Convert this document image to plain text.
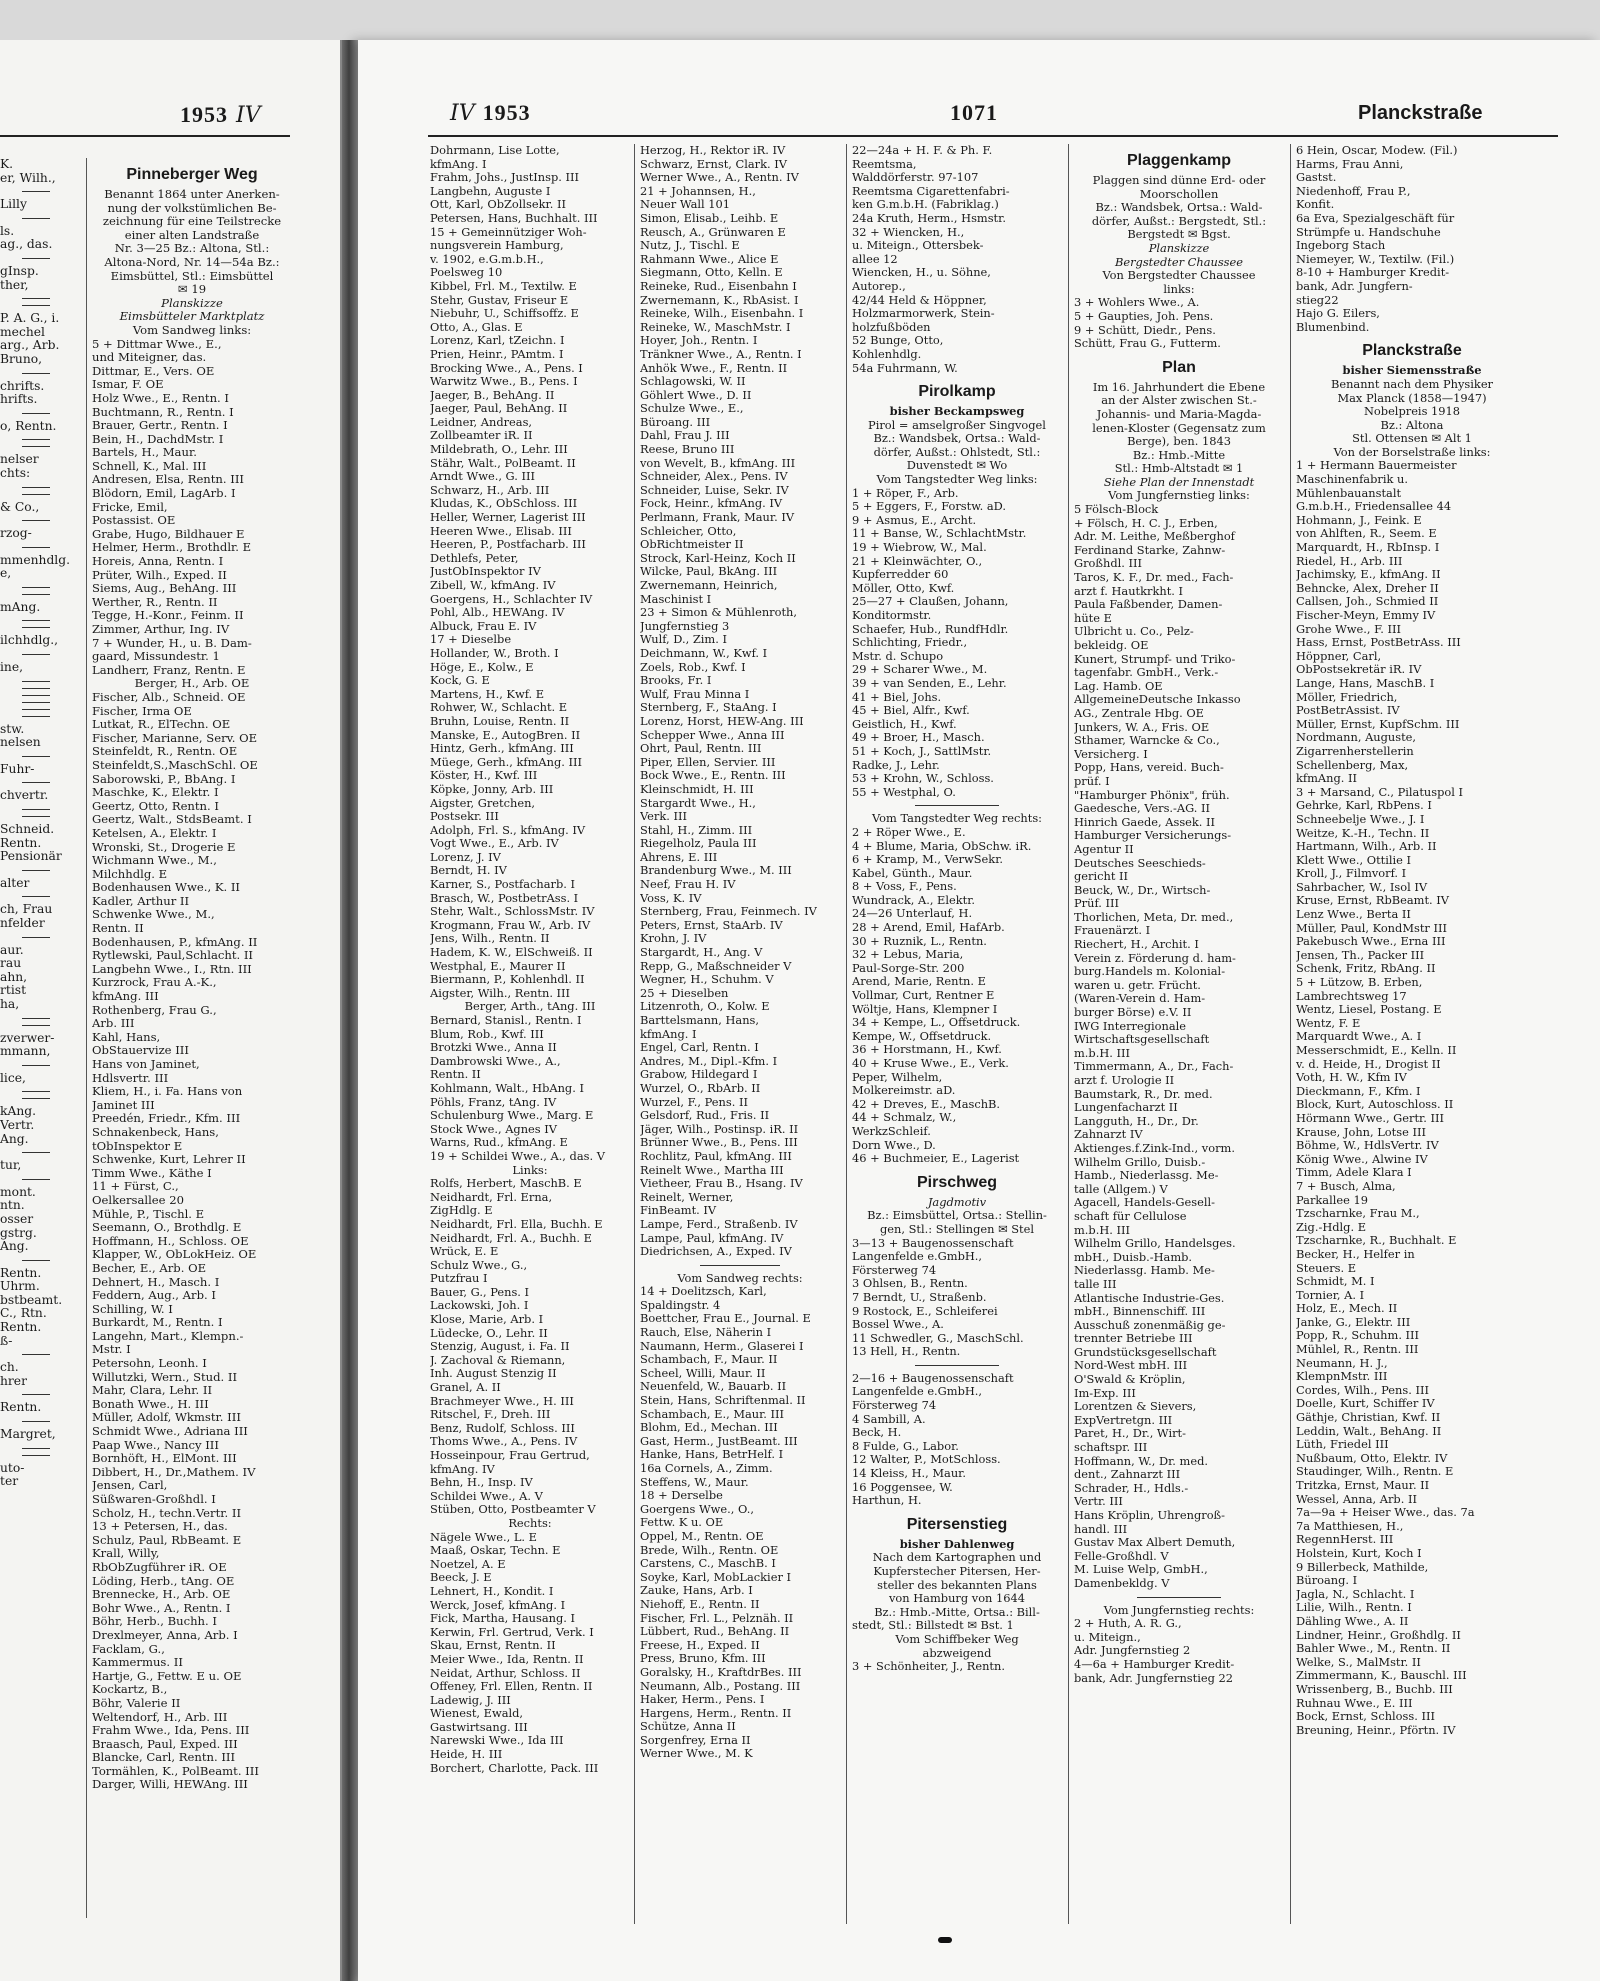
1953 IV
K.
er, Wilh.,
Lilly
ls.
ag., das.
gInsp.
ther,
P. A. G., i.
mechel
arg., Arb.
Bruno,
chrifts.
hrifts.
o, Rentn.
nelser
chts:
& Co.,
rzog-
mmenhdlg.
e,
mAng.
ilchhdlg.,
ine,
stw.
nelsen
Fuhr-
chvertr.
Schneid.
Rentn.
Pensionär
alter
ch, Frau
nfelder
aur.
rau
ahn,
rtist
ha,
zverwer-
mmann,
lice,
kAng.
Vertr.
Ang.
tur,
mont.
ntn.
osser
gstrg.
Ang.
Rentn.
Uhrm.
bstbeamt.
C., Rtn.
Rentn.
ß-
ch.
hrer
Rentn.
Margret,
uto-
ter
Pinneberger Weg
Benannt 1864 unter Anerken-
nung der volkstümlichen Be-
zeichnung für eine Teilstrecke
einer alten Landstraße
Nr. 3—25 Bz.: Altona, Stl.:
Altona-Nord, Nr. 14—54a Bz.:
Eimsbüttel, Stl.: Eimsbüttel
✉ 19
Planskizze
Eimsbütteler Marktplatz
Vom Sandweg links:
5 + Dittmar Wwe., E.,
und Miteigner, das.
Dittmar, E., Vers. OE
Ismar, F. OE
Holz Wwe., E., Rentn. I
Buchtmann, R., Rentn. I
Brauer, Gertr., Rentn. I
Bein, H., DachdMstr. I
Bartels, H., Maur.
Schnell, K., Mal. III
Andresen, Elsa, Rentn. III
Blödorn, Emil, LagArb. I
Fricke, Emil,
Postassist. OE
Grabe, Hugo, Bildhauer E
Helmer, Herm., Brothdlr. E
Horeis, Anna, Rentn. I
Prüter, Wilh., Exped. II
Siems, Aug., BehAng. III
Werther, R., Rentn. II
Tegge, H.-Konr., Feinm. II
Zimmer, Arthur, Ing. IV
7 + Wunder, H., u. B. Dam-
gaard, Missundestr. 1
Landherr, Franz, Rentn. E
Berger, H., Arb. OE
Fischer, Alb., Schneid. OE
Fischer, Irma OE
Lutkat, R., ElTechn. OE
Fischer, Marianne, Serv. OE
Steinfeldt, R., Rentn. OE
Steinfeldt,S.,MaschSchl. OE
Saborowski, P., BbAng. I
Maschke, K., Elektr. I
Geertz, Otto, Rentn. I
Geertz, Walt., StdsBeamt. I
Ketelsen, A., Elektr. I
Wronski, St., Drogerie E
Wichmann Wwe., M.,
Milchhdlg. E
Bodenhausen Wwe., K. II
Kadler, Arthur II
Schwenke Wwe., M.,
Rentn. II
Bodenhausen, P., kfmAng. II
Rytlewski, Paul,Schlacht. II
Langbehn Wwe., I., Rtn. III
Kurzrock, Frau A.-K.,
kfmAng. III
Rothenberg, Frau G.,
Arb. III
Kahl, Hans,
ObStauervize III
Hans von Jaminet,
Hdlsvertr. III
Kliem, H., i. Fa. Hans von
Jaminet III
Preedén, Friedr., Kfm. III
Schnakenbeck, Hans,
tObInspektor E
Schwenke, Kurt, Lehrer II
Timm Wwe., Käthe I
11 + Fürst, C.,
Oelkersallee 20
Mühle, P., Tischl. E
Seemann, O., Brothdlg. E
Hoffmann, H., Schloss. OE
Klapper, W., ObLokHeiz. OE
Becher, E., Arb. OE
Dehnert, H., Masch. I
Feddern, Aug., Arb. I
Schilling, W. I
Burkardt, M., Rentn. I
Langehn, Mart., Klempn.-
Mstr. I
Petersohn, Leonh. I
Willutzki, Wern., Stud. II
Mahr, Clara, Lehr. II
Bonath Wwe., H. III
Müller, Adolf, Wkmstr. III
Schmidt Wwe., Adriana III
Paap Wwe., Nancy III
Bornhöft, H., ElMont. III
Dibbert, H., Dr.,Mathem. IV
Jensen, Carl,
Süßwaren-Großhdl. I
Scholz, H., techn.Vertr. II
13 + Petersen, H., das.
Schulz, Paul, RbBeamt. E
Krall, Willy,
RbObZugführer iR. OE
Löding, Herb., tAng. OE
Brennecke, H., Arb. OE
Bohr Wwe., A., Rentn. I
Böhr, Herb., Buchh. I
Drexlmeyer, Anna, Arb. I
Facklam, G.,
Kammermus. II
Hartje, G., Fettw. E u. OE
Kockartz, B.,
Böhr, Valerie II
Weltendorf, H., Arb. III
Frahm Wwe., Ida, Pens. III
Braasch, Paul, Exped. III
Blancke, Carl, Rentn. III
Tormählen, K., PolBeamt. III
Darger, Willi, HEWAng. III
IV 1953	1071	Planckstraße
Dohrmann, Lise Lotte,
kfmAng. I
Frahm, Johs., JustInsp. III
Langbehn, Auguste I
Ott, Karl, ObZollsekr. II
Petersen, Hans, Buchhalt. III
15 + Gemeinnütziger Woh-
nungsverein Hamburg,
v. 1902, e.G.m.b.H.,
Poelsweg 10
Kibbel, Frl. M., Textilw. E
Stehr, Gustav, Friseur E
Niebuhr, U., Schiffsoffz. E
Otto, A., Glas. E
Lorenz, Karl, tZeichn. I
Prien, Heinr., PAmtm. I
Brocking Wwe., A., Pens. I
Warwitz Wwe., B., Pens. I
Jaeger, B., BehAng. II
Jaeger, Paul, BehAng. II
Leidner, Andreas,
Zollbeamter iR. II
Mildebrath, O., Lehr. III
Stähr, Walt., PolBeamt. II
Arndt Wwe., G. III
Schwarz, H., Arb. III
Kludas, K., ObSchloss. III
Heller, Werner, Lagerist III
Heeren Wwe., Elisab. III
Heeren, P., Postfacharb. III
Dethlefs, Peter,
JustObInspektor IV
Zibell, W., kfmAng. IV
Goergens, H., Schlachter IV
Pohl, Alb., HEWAng. IV
Albuck, Frau E. IV
17 + Dieselbe
Hollander, W., Broth. I
Höge, E., Kolw., E
Kock, G. E
Martens, H., Kwf. E
Rohwer, W., Schlacht. E
Bruhn, Louise, Rentn. II
Manske, E., AutogBren. II
Hintz, Gerh., kfmAng. III
Müege, Gerh., kfmAng. III
Köster, H., Kwf. III
Köpke, Jonny, Arb. III
Aigster, Gretchen,
Postsekr. III
Adolph, Frl. S., kfmAng. IV
Vogt Wwe., E., Arb. IV
Lorenz, J. IV
Berndt, H. IV
Karner, S., Postfacharb. I
Brasch, W., PostbetrAss. I
Stehr, Walt., SchlossMstr. IV
Krogmann, Frau W., Arb. IV
Jens, Wilh., Rentn. II
Hadem, K. W., ElSchweiß. II
Westphal, E., Maurer II
Biermann, P., Kohlenhdl. II
Aigster, Wilh., Rentn. III
Berger, Arth., tAng. III
Bernard, Stanisl., Rentn. I
Blum, Rob., Kwf. III
Brotzki Wwe., Anna II
Dambrowski Wwe., A.,
Rentn. II
Kohlmann, Walt., HbAng. I
Pöhls, Franz, tAng. IV
Schulenburg Wwe., Marg. E
Stock Wwe., Agnes IV
Warns, Rud., kfmAng. E
19 + Schildei Wwe., A., das. V
Links:
Rolfs, Herbert, MaschB. E
Neidhardt, Frl. Erna,
ZigHdlg. E
Neidhardt, Frl. Ella, Buchh. E
Neidhardt, Frl. A., Buchh. E
Wrück, E. E
Schulz Wwe., G.,
Putzfrau I
Bauer, G., Pens. I
Lackowski, Joh. I
Klose, Marie, Arb. I
Lüdecke, O., Lehr. II
Stenzig, August, i. Fa. II
J. Zachoval & Riemann,
Inh. August Stenzig II
Granel, A. II
Brachmeyer Wwe., H. III
Ritschel, F., Dreh. III
Benz, Rudolf, Schloss. III
Thoms Wwe., A., Pens. IV
Hosseinpour, Frau Gertrud,
kfmAng. IV
Behn, H., Insp. IV
Schildei Wwe., A. V
Stüben, Otto, Postbeamter V
Rechts:
Nägele Wwe., L. E
Maaß, Oskar, Techn. E
Noetzel, A. E
Beeck, J. E
Lehnert, H., Kondit. I
Werck, Josef, kfmAng. I
Fick, Martha, Hausang. I
Kerwin, Frl. Gertrud, Verk. I
Skau, Ernst, Rentn. II
Meier Wwe., Ida, Rentn. II
Neidat, Arthur, Schloss. II
Offeney, Frl. Ellen, Rentn. II
Ladewig, J. III
Wienest, Ewald,
Gastwirtsang. III
Narewski Wwe., Ida III
Heide, H. III
Borchert, Charlotte, Pack. III
Herzog, H., Rektor iR. IV
Schwarz, Ernst, Clark. IV
Werner Wwe., A., Rentn. IV
21 + Johannsen, H.,
Neuer Wall 101
Simon, Elisab., Leihb. E
Reusch, A., Grünwaren E
Nutz, J., Tischl. E
Rahmann Wwe., Alice E
Siegmann, Otto, Kelln. E
Reineke, Rud., Eisenbahn I
Zwernemann, K., RbAsist. I
Reineke, Wilh., Eisenbahn. I
Reineke, W., MaschMstr. I
Hoyer, Joh., Rentn. I
Tränkner Wwe., A., Rentn. I
Anhök Wwe., F., Rentn. II
Schlagowski, W. II
Göhlert Wwe., D. II
Schulze Wwe., E.,
Büroang. III
Dahl, Frau J. III
Reese, Bruno III
von Wevelt, B., kfmAng. III
Schneider, Alex., Pens. IV
Schneider, Luise, Sekr. IV
Fock, Heinr., kfmAng. IV
Perlmann, Frank, Maur. IV
Schleicher, Otto,
ObRichtmeister II
Strock, Karl-Heinz, Koch II
Wilcke, Paul, BkAng. III
Zwernemann, Heinrich,
Maschinist I
23 + Simon & Mühlenroth,
Jungfernstieg 3
Wulf, D., Zim. I
Deichmann, W., Kwf. I
Zoels, Rob., Kwf. I
Brooks, Fr. I
Wulf, Frau Minna I
Sternberg, F., StaAng. I
Lorenz, Horst, HEW-Ang. III
Schepper Wwe., Anna III
Ohrt, Paul, Rentn. III
Piper, Ellen, Servier. III
Bock Wwe., E., Rentn. III
Kleinschmidt, H. III
Stargardt Wwe., H.,
Verk. III
Stahl, H., Zimm. III
Riegelholz, Paula III
Ahrens, E. III
Brandenburg Wwe., M. III
Neef, Frau H. IV
Voss, K. IV
Sternberg, Frau, Feinmech. IV
Peters, Ernst, StaArb. IV
Krohn, J. IV
Stargardt, H., Ang. V
Repp, G., Maßschneider V
Wegner, H., Schuhm. V
25 + Dieselben
Litzenroth, O., Kolw. E
Barttelsmann, Hans,
kfmAng. I
Engel, Carl, Rentn. I
Andres, M., Dipl.-Kfm. I
Grabow, Hildegard I
Wurzel, O., RbArb. II
Wurzel, F., Pens. II
Gelsdorf, Rud., Fris. II
Jäger, Wilh., Postinsp. iR. II
Brünner Wwe., B., Pens. III
Rochlitz, Paul, kfmAng. III
Reinelt Wwe., Martha III
Vietheer, Frau B., Hsang. IV
Reinelt, Werner,
FinBeamt. IV
Lampe, Ferd., Straßenb. IV
Lampe, Paul, kfmAng. IV
Diedrichsen, A., Exped. IV
Vom Sandweg rechts:
14 + Doelitzsch, Karl,
Spaldingstr. 4
Boettcher, Frau E., Journal. E
Rauch, Else, Näherin I
Naumann, Herm., Glaserei I
Schambach, F., Maur. II
Scheel, Willi, Maur. II
Neuenfeld, W., Bauarb. II
Stein, Hans, Schriftenmal. II
Schambach, E., Maur. III
Blohm, Ed., Mechan. III
Gast, Herm., JustBeamt. III
Hanke, Hans, BetrHelf. I
16a Cornels, A., Zimm.
Steffens, W., Maur.
18 + Derselbe
Goergens Wwe., O.,
Fettw. K u. OE
Oppel, M., Rentn. OE
Brede, Wilh., Rentn. OE
Carstens, C., MaschB. I
Soyke, Karl, MobLackier I
Zauke, Hans, Arb. I
Niehoff, E., Rentn. II
Fischer, Frl. L., Pelznäh. II
Lübbert, Rud., BehAng. II
Freese, H., Exped. II
Press, Bruno, Kfm. III
Goralsky, H., KraftdrBes. III
Neumann, Alb., Postang. III
Haker, Herm., Pens. I
Hargens, Herm., Rentn. II
Schütze, Anna II
Sorgenfrey, Erna II
Werner Wwe., M. K
22—24a + H. F. & Ph. F.
Reemtsma,
Walddörferstr. 97-107
Reemtsma Cigarettenfabri-
ken G.m.b.H. (Fabriklag.)
24a Kruth, Herm., Hsmstr.
32 + Wiencken, H.,
u. Miteign., Ottersbek-
allee 12
Wiencken, H., u. Söhne,
Autorep.,
42/44 Held & Höppner,
Holzmarmorwerk, Stein-
holzfußböden
52 Bunge, Otto,
Kohlenhdlg.
54a Fuhrmann, W.
Pirolkamp
bisher Beckampsweg
Pirol = amselgroßer Singvogel
Bz.: Wandsbek, Ortsa.: Wald-
dörfer, Außst.: Ohlstedt, Stl.:
Duvenstedt ✉ Wo
Vom Tangstedter Weg links:
1 + Röper, F., Arb.
5 + Eggers, F., Forstw. aD.
9 + Asmus, E., Archt.
11 + Banse, W., SchlachtMstr.
19 + Wiebrow, W., Mal.
21 + Kleinwächter, O.,
Kupferredder 60
Möller, Otto, Kwf.
25—27 + Claußen, Johann,
Konditormstr.
Schaefer, Hub., RundfHdlr.
Schlichting, Friedr.,
Mstr. d. Schupo
29 + Scharer Wwe., M.
39 + van Senden, E., Lehr.
41 + Biel, Johs.
45 + Biel, Alfr., Kwf.
Geistlich, H., Kwf.
49 + Broer, H., Masch.
51 + Koch, J., SattlMstr.
Radke, J., Lehr.
53 + Krohn, W., Schloss.
55 + Westphal, O.
Vom Tangstedter Weg rechts:
2 + Röper Wwe., E.
4 + Blume, Maria, ObSchw. iR.
6 + Kramp, M., VerwSekr.
Kabel, Günth., Maur.
8 + Voss, F., Pens.
Wundrack, A., Elektr.
24—26 Unterlauf, H.
28 + Arend, Emil, HafArb.
30 + Ruznik, L., Rentn.
32 + Lebus, Maria,
Paul-Sorge-Str. 200
Arend, Marie, Rentn. E
Vollmar, Curt, Rentner E
Wöltje, Hans, Klempner I
34 + Kempe, L., Offsetdruck.
Kempe, W., Offsetdruck.
36 + Horstmann, H., Kwf.
40 + Kruse Wwe., E., Verk.
Peper, Wilhelm,
Molkereimstr. aD.
42 + Dreves, E., MaschB.
44 + Schmalz, W.,
WerkzSchleif.
Dorn Wwe., D.
46 + Buchmeier, E., Lagerist
Pirschweg
Jagdmotiv
Bz.: Eimsbüttel, Ortsa.: Stellin-
gen, Stl.: Stellingen ✉ Stel
3—13 + Baugenossenschaft
Langenfelde e.GmbH.,
Försterweg 74
3 Ohlsen, B., Rentn.
7 Berndt, U., Straßenb.
9 Rostock, E., Schleiferei
Bossel Wwe., A.
11 Schwedler, G., MaschSchl.
13 Hell, H., Rentn.
2—16 + Baugenossenschaft
Langenfelde e.GmbH.,
Försterweg 74
4 Sambill, A.
Beck, H.
8 Fulde, G., Labor.
12 Walter, P., MotSchloss.
14 Kleiss, H., Maur.
16 Poggensee, W.
Harthun, H.
Pitersenstieg
bisher Dahlenweg
Nach dem Kartographen und
Kupferstecher Pitersen, Her-
steller des bekannten Plans
von Hamburg von 1644
Bz.: Hmb.-Mitte, Ortsa.: Bill-
stedt, Stl.: Billstedt ✉ Bst. 1
Vom Schiffbeker Weg
abzweigend
3 + Schönheiter, J., Rentn.
Plaggenkamp
Plaggen sind dünne Erd- oder
Moorschollen
Bz.: Wandsbek, Ortsa.: Wald-
dörfer, Außst.: Bergstedt, Stl.:
Bergstedt ✉ Bgst.
Planskizze
Bergstedter Chaussee
Von Bergstedter Chaussee
links:
3 + Wohlers Wwe., A.
5 + Gaupties, Joh. Pens.
9 + Schütt, Diedr., Pens.
Schütt, Frau G., Futterm.
Plan
Im 16. Jahrhundert die Ebene
an der Alster zwischen St.-
Johannis- und Maria-Magda-
lenen-Kloster (Gegensatz zum
Berge), ben. 1843
Bz.: Hmb.-Mitte
Stl.: Hmb-Altstadt ✉ 1
Siehe Plan der Innenstadt
Vom Jungfernstieg links:
5 Fölsch-Block
+ Fölsch, H. C. J., Erben,
Adr. M. Leithe, Meßberghof
Ferdinand Starke, Zahnw-
Großhdl. III
Taros, K. F., Dr. med., Fach-
arzt f. Hautkrkht. I
Paula Faßbender, Damen-
hüte E
Ulbricht u. Co., Pelz-
bekleidg. OE
Kunert, Strumpf- und Triko-
tagenfabr. GmbH., Verk.-
Lag. Hamb. OE
AllgemeineDeutsche Inkasso
AG., Zentrale Hbg. OE
Junkers, W. A., Fris. OE
Sthamer, Warncke & Co.,
Versicherg. I
Popp, Hans, vereid. Buch-
prüf. I
"Hamburger Phönix", früh.
Gaedesche, Vers.-AG. II
Hinrich Gaede, Assek. II
Hamburger Versicherungs-
Agentur II
Deutsches Seeschieds-
gericht II
Beuck, W., Dr., Wirtsch-
Prüf. III
Thorlichen, Meta, Dr. med.,
Frauenärzt. I
Riechert, H., Archit. I
Verein z. Förderung d. ham-
burg.Handels m. Kolonial-
waren u. getr. Frücht.
(Waren-Verein d. Ham-
burger Börse) e.V. II
IWG Interregionale
Wirtschaftsgesellschaft
m.b.H. III
Timmermann, A., Dr., Fach-
arzt f. Urologie II
Baumstark, R., Dr. med.
Lungenfacharzt II
Langguth, H., Dr., Dr.
Zahnarzt IV
Aktienges.f.Zink-Ind., vorm.
Wilhelm Grillo, Duisb.-
Hamb., Niederlassg. Me-
talle (Allgem.) V
Agacell, Handels-Gesell-
schaft für Cellulose
m.b.H. III
Wilhelm Grillo, Handelsges.
mbH., Duisb.-Hamb.
Niederlassg. Hamb. Me-
talle III
Atlantische Industrie-Ges.
mbH., Binnenschiff. III
Ausschuß zonenmäßig ge-
trennter Betriebe III
Grundstücksgesellschaft
Nord-West mbH. III
O'Swald & Kröplin,
Im-Exp. III
Lorentzen & Sievers,
ExpVertretgn. III
Paret, H., Dr., Wirt-
schaftspr. III
Hoffmann, W., Dr. med.
dent., Zahnarzt III
Schrader, H., Hdls.-
Vertr. III
Hans Kröplin, Uhrengroß-
handl. III
Gustav Max Albert Demuth,
Felle-Großhdl. V
M. Luise Welp, GmbH.,
Damenbekldg. V
Vom Jungfernstieg rechts:
2 + Huth, A. R. G.,
u. Miteign.,
Adr. Jungfernstieg 2
4—6a + Hamburger Kredit-
bank, Adr. Jungfernstieg 22
6 Hein, Oscar, Modew. (Fil.)
Harms, Frau Anni,
Gastst.
Niedenhoff, Frau P.,
Konfit.
6a Eva, Spezialgeschäft für
Strümpfe u. Handschuhe
Ingeborg Stach
Niemeyer, W., Textilw. (Fil.)
8-10 + Hamburger Kredit-
bank, Adr. Jungfern-
stieg22
Hajo G. Eilers,
Blumenbind.
Planckstraße
bisher Siemensstraße
Benannt nach dem Physiker
Max Planck (1858—1947)
Nobelpreis 1918
Bz.: Altona
Stl. Ottensen ✉ Alt 1
Von der Borselstraße links:
1 + Hermann Bauermeister
Maschinenfabrik u.
Mühlenbauanstalt
G.m.b.H., Friedensallee 44
Hohmann, J., Feink. E
von Ahlften, R., Seem. E
Marquardt, H., RbInsp. I
Riedel, H., Arb. III
Jachimsky, E., kfmAng. II
Behncke, Alex, Dreher II
Callsen, Joh., Schmied II
Fischer-Meyn, Emmy IV
Grohe Wwe., F. III
Hass, Ernst, PostBetrAss. III
Höppner, Carl,
ObPostsekretär iR. IV
Lange, Hans, MaschB. I
Möller, Friedrich,
PostBetrAssist. IV
Müller, Ernst, KupfSchm. III
Nordmann, Auguste,
Zigarrenherstellerin
Schellenberg, Max,
kfmAng. II
3 + Marsand, C., Pilatuspol I
Gehrke, Karl, RbPens. I
Schneebelje Wwe., J. I
Weitze, K.-H., Techn. II
Hartmann, Wilh., Arb. II
Klett Wwe., Ottilie I
Kroll, J., Filmvorf. I
Sahrbacher, W., Isol IV
Kruse, Ernst, RbBeamt. IV
Lenz Wwe., Berta II
Müller, Paul, KondMstr III
Pakebusch Wwe., Erna III
Jensen, Th., Packer III
Schenk, Fritz, RbAng. II
5 + Lützow, B. Erben,
Lambrechtsweg 17
Wentz, Liesel, Postang. E
Wentz, F. E
Marquardt Wwe., A. I
Messerschmidt, E., Kelln. II
v. d. Heide, H., Drogist II
Voth, H. W., Kfm IV
Dieckmann, F., Kfm. I
Block, Kurt, Autoschloss. II
Hörmann Wwe., Gertr. III
Krause, John, Lotse III
Böhme, W., HdlsVertr. IV
König Wwe., Alwine IV
Timm, Adele Klara I
7 + Busch, Alma,
Parkallee 19
Tzscharnke, Frau M.,
Zig.-Hdlg. E
Tzscharnke, R., Buchhalt. E
Becker, H., Helfer in
Steuers. E
Schmidt, M. I
Tornier, A. I
Holz, E., Mech. II
Janke, G., Elektr. III
Popp, R., Schuhm. III
Mühlel, R., Rentn. III
Neumann, H. J.,
KlempnMstr. III
Cordes, Wilh., Pens. III
Doelle, Kurt, Schiffer IV
Gäthje, Christian, Kwf. II
Leddin, Walt., BehAng. II
Lüth, Friedel III
Nußbaum, Otto, Elektr. IV
Staudinger, Wilh., Rentn. E
Tritzka, Ernst, Maur. II
Wessel, Anna, Arb. II
7a—9a + Heiser Wwe., das. 7a
7a Matthiesen, H.,
RegennHerst. III
Holstein, Kurt, Koch I
9 Billerbeck, Mathilde,
Büroang. I
Jagla, N., Schlacht. I
Lilie, Wilh., Rentn. I
Dähling Wwe., A. II
Lindner, Heinr., Großhdlg. II
Bahler Wwe., M., Rentn. II
Welke, S., MalMstr. II
Zimmermann, K., Bauschl. III
Wrissenberg, B., Buchb. III
Ruhnau Wwe., E. III
Bock, Ernst, Schloss. III
Breuning, Heinr., Pförtn. IV
